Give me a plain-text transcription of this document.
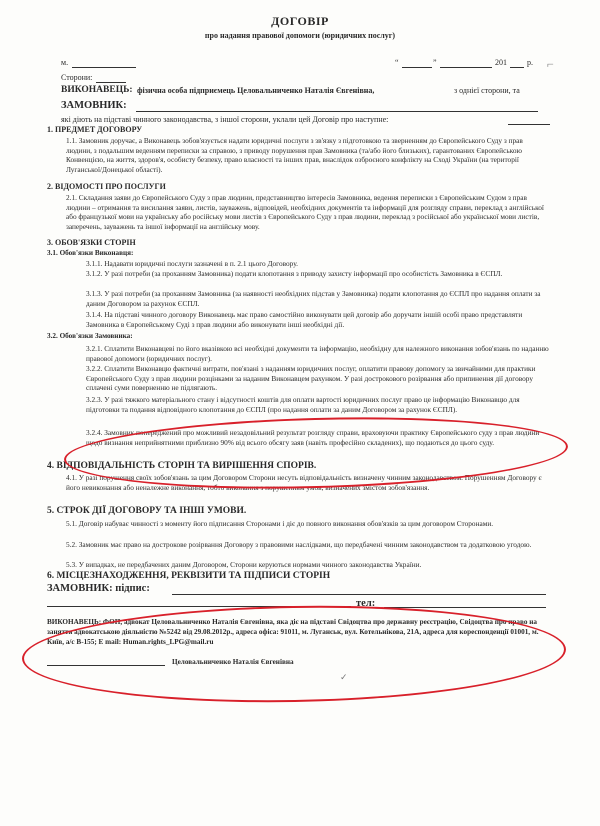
ДОГОВІР
про надання правової допомоги (юридичних послуг)
м.	“	”	201	р. ⌐
Сторони:
ВИКОНАВЕЦЬ: фізична особа підприємець Целовальниченко Наталія Євгенівна,	з однієї сторони, та
ЗАМОВНИК:
які діють на підставі чинного законодавства, з іншої сторони, уклали цей Договір про наступне:
1. ПРЕДМЕТ ДОГОВОРУ
1.1. Замовник доручає, а Виконавець зобов'язується надати юридичні послуги з зв'язку з підготовкою та зверненням до Європейського Суду з прав людини, з подальшим веденням переписки за справою, з приводу порушення прав Замовника (та/або його близьких), гарантованих Європейською Конвенцією, на життя, здоров'я, особисту безпеку, право власності та інших прав, внаслідок озброєного конфлікту на Сході України (на території Луганської/Донецької області).
2. ВІДОМОСТІ ПРО ПОСЛУГИ
2.1. Складання заяви до Європейського Суду з прав людини, представництво інтересів Замовника, ведення переписки з Європейським Судом з прав людини – отримання та висилання заяви, листів, зауважень, відповідей, необхідних документів та інформації для розгляду справи, переклад з англійської або французької мови на українську або російську мови листів з Європейського Суду з прав людини, переклад з російської або української мови листів, заперечень, зауважень та іншої інформації на англійську мову.
3. ОБОВ'ЯЗКИ СТОРІН
3.1. Обов'язки Виконавця:
3.1.1. Надавати юридичні послуги зазначені в п. 2.1 цього Договору.
3.1.2. У разі потреби (за проханням Замовника) подати клопотання з приводу захисту інформації про особистість Замовника в ЄСПЛ.
3.1.3. У разі потреби (за проханням Замовника (за наявності необхідних підстав у Замовника) подати клопотання до ЄСПЛ про надання оплати за даним Договором за рахунок ЄСПЛ.
3.1.4. На підставі чинного договору Виконавець має право самостійно виконувати цей договір або доручати іншій особі право представляти Замовника в Європейському Суді з прав людини або виконувати інші необхідні дії.
3.2. Обов'язки Замовника:
3.2.1. Сплатити Виконавцеві по його вказівкою всі необхідні документи та інформацію, необхідну для належного виконання зобов'язань по наданню правової допомоги (юридичних послуг).
3.2.2. Сплатити Виконавцю фактичні витрати, пов'язані з наданням юридичних послуг, оплатити правову допомогу за звичайними для практики Європейського Суду з прав людини розцінками за наданим Виконавцем рахунком. У разі дострокового розірвання або припинення дії договору сплачені суми поверненню не підлягають.
3.2.3. У разі тяжкого матеріального стану і відсутності коштів для оплати вартості юридичних послуг право це інформацію Виконавцю для підготовки та подання відповідного клопотання до ЄСПЛ (про надання оплати за даним Договором за рахунок ЄСПЛ).
3.2.4. Замовник попереджений про можливий незадовільний результат розгляду справи, враховуючи практику Європейського суду з прав людини щодо визнання неприйнятними приблизно 90% від всього обсягу заяв (навіть професійно складених), що подаються до цього суду.
4. ВІДПОВІДАЛЬНІСТЬ СТОРІН ТА ВИРІШЕННЯ СПОРІВ.
4.1. У разі порушення своїх зобов'язань за цим Договором Сторони несуть відповідальність визначену чинним законодавством. Порушенням Договору є його невиконання або неналежне виконання, тобто виконання з порушенням умов, визначених змістом зобов'язання.
5. СТРОК ДІЇ ДОГОВОРУ ТА ІНШІ УМОВИ.
5.1. Договір набуває чинності з моменту його підписання Сторонами і діє до повного виконання обов'язків за цим договором Сторонами.
5.2. Замовник має право на дострокове розірвання Договору з правовими наслідками, що передбачені чинним законодавством та додатковою угодою.
5.3. У випадках, не передбачених даним Договором, Сторони керуються нормами чинного законодавства України.
6. МІСЦЕЗНАХОДЖЕННЯ, РЕКВІЗИТИ ТА ПІДПИСИ СТОРІН
ЗАМОВНИК: підпис:
тел:
ВИКОНАВЕЦЬ: ФОП, адвокат Целовальниченко Наталія Євгенівна, яка діє на підставі Свідоцтва про державну реєстрацію, Свідоцтва про право на заняття адвокатською діяльністю №5242 від 29.08.2012р., адреса офіса: 91011, м. Луганськ, вул. Котельнікова, 21А, адреса для кореспонденції 01001, м. Київ, а/с В-155; E mail: Human.rights_LPG@mail.ru
Целовальниченко Наталія Євгенівна
✓
